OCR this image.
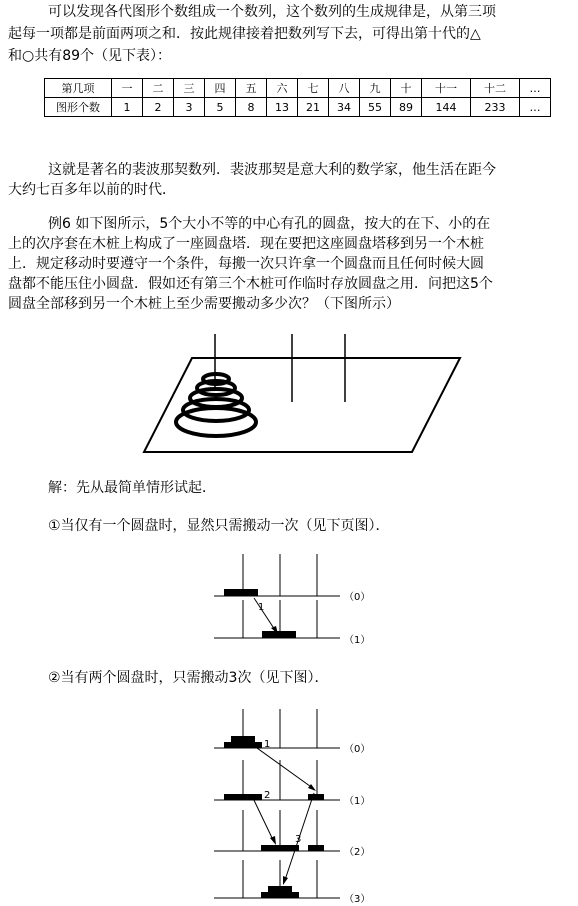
可以发现各代图形个数组成一个数列，这个数列的生成规律是，从第三项

起每一项都是前面两项之和．按此规律接着把数列写下去，可得出第十代的△

和○共有89个（见下表）：

第几项	一	二	三	四	五	六	七	八	九	十	十一	十二	…
图形个数	1	2	3	5	8	13	21	34	55	89	144	233	…

这就是著名的裴波那契数列．裴波那契是意大利的数学家，他生活在距今

大约七百多年以前的时代．

例6 如下图所示，5个大小不等的中心有孔的圆盘，按大的在下、小的在

上的次序套在木桩上构成了一座圆盘塔．现在要把这座圆盘塔移到另一个木桩

上．规定移动时要遵守一个条件，每搬一次只许拿一个圆盘而且任何时候大圆

盘都不能压住小圆盘．假如还有第三个木桩可作临时存放圆盘之用．问把这5个

圆盘全部移到另一个木桩上至少需要搬动多少次？（下图所示）

解：先从最简单情形试起．

①当仅有一个圆盘时，显然只需搬动一次（见下页图）．

1
（0）
（1）

②当有两个圆盘时，只需搬动3次（见下图）．

1
2
3
（0）
（1）
（2）
（3）
